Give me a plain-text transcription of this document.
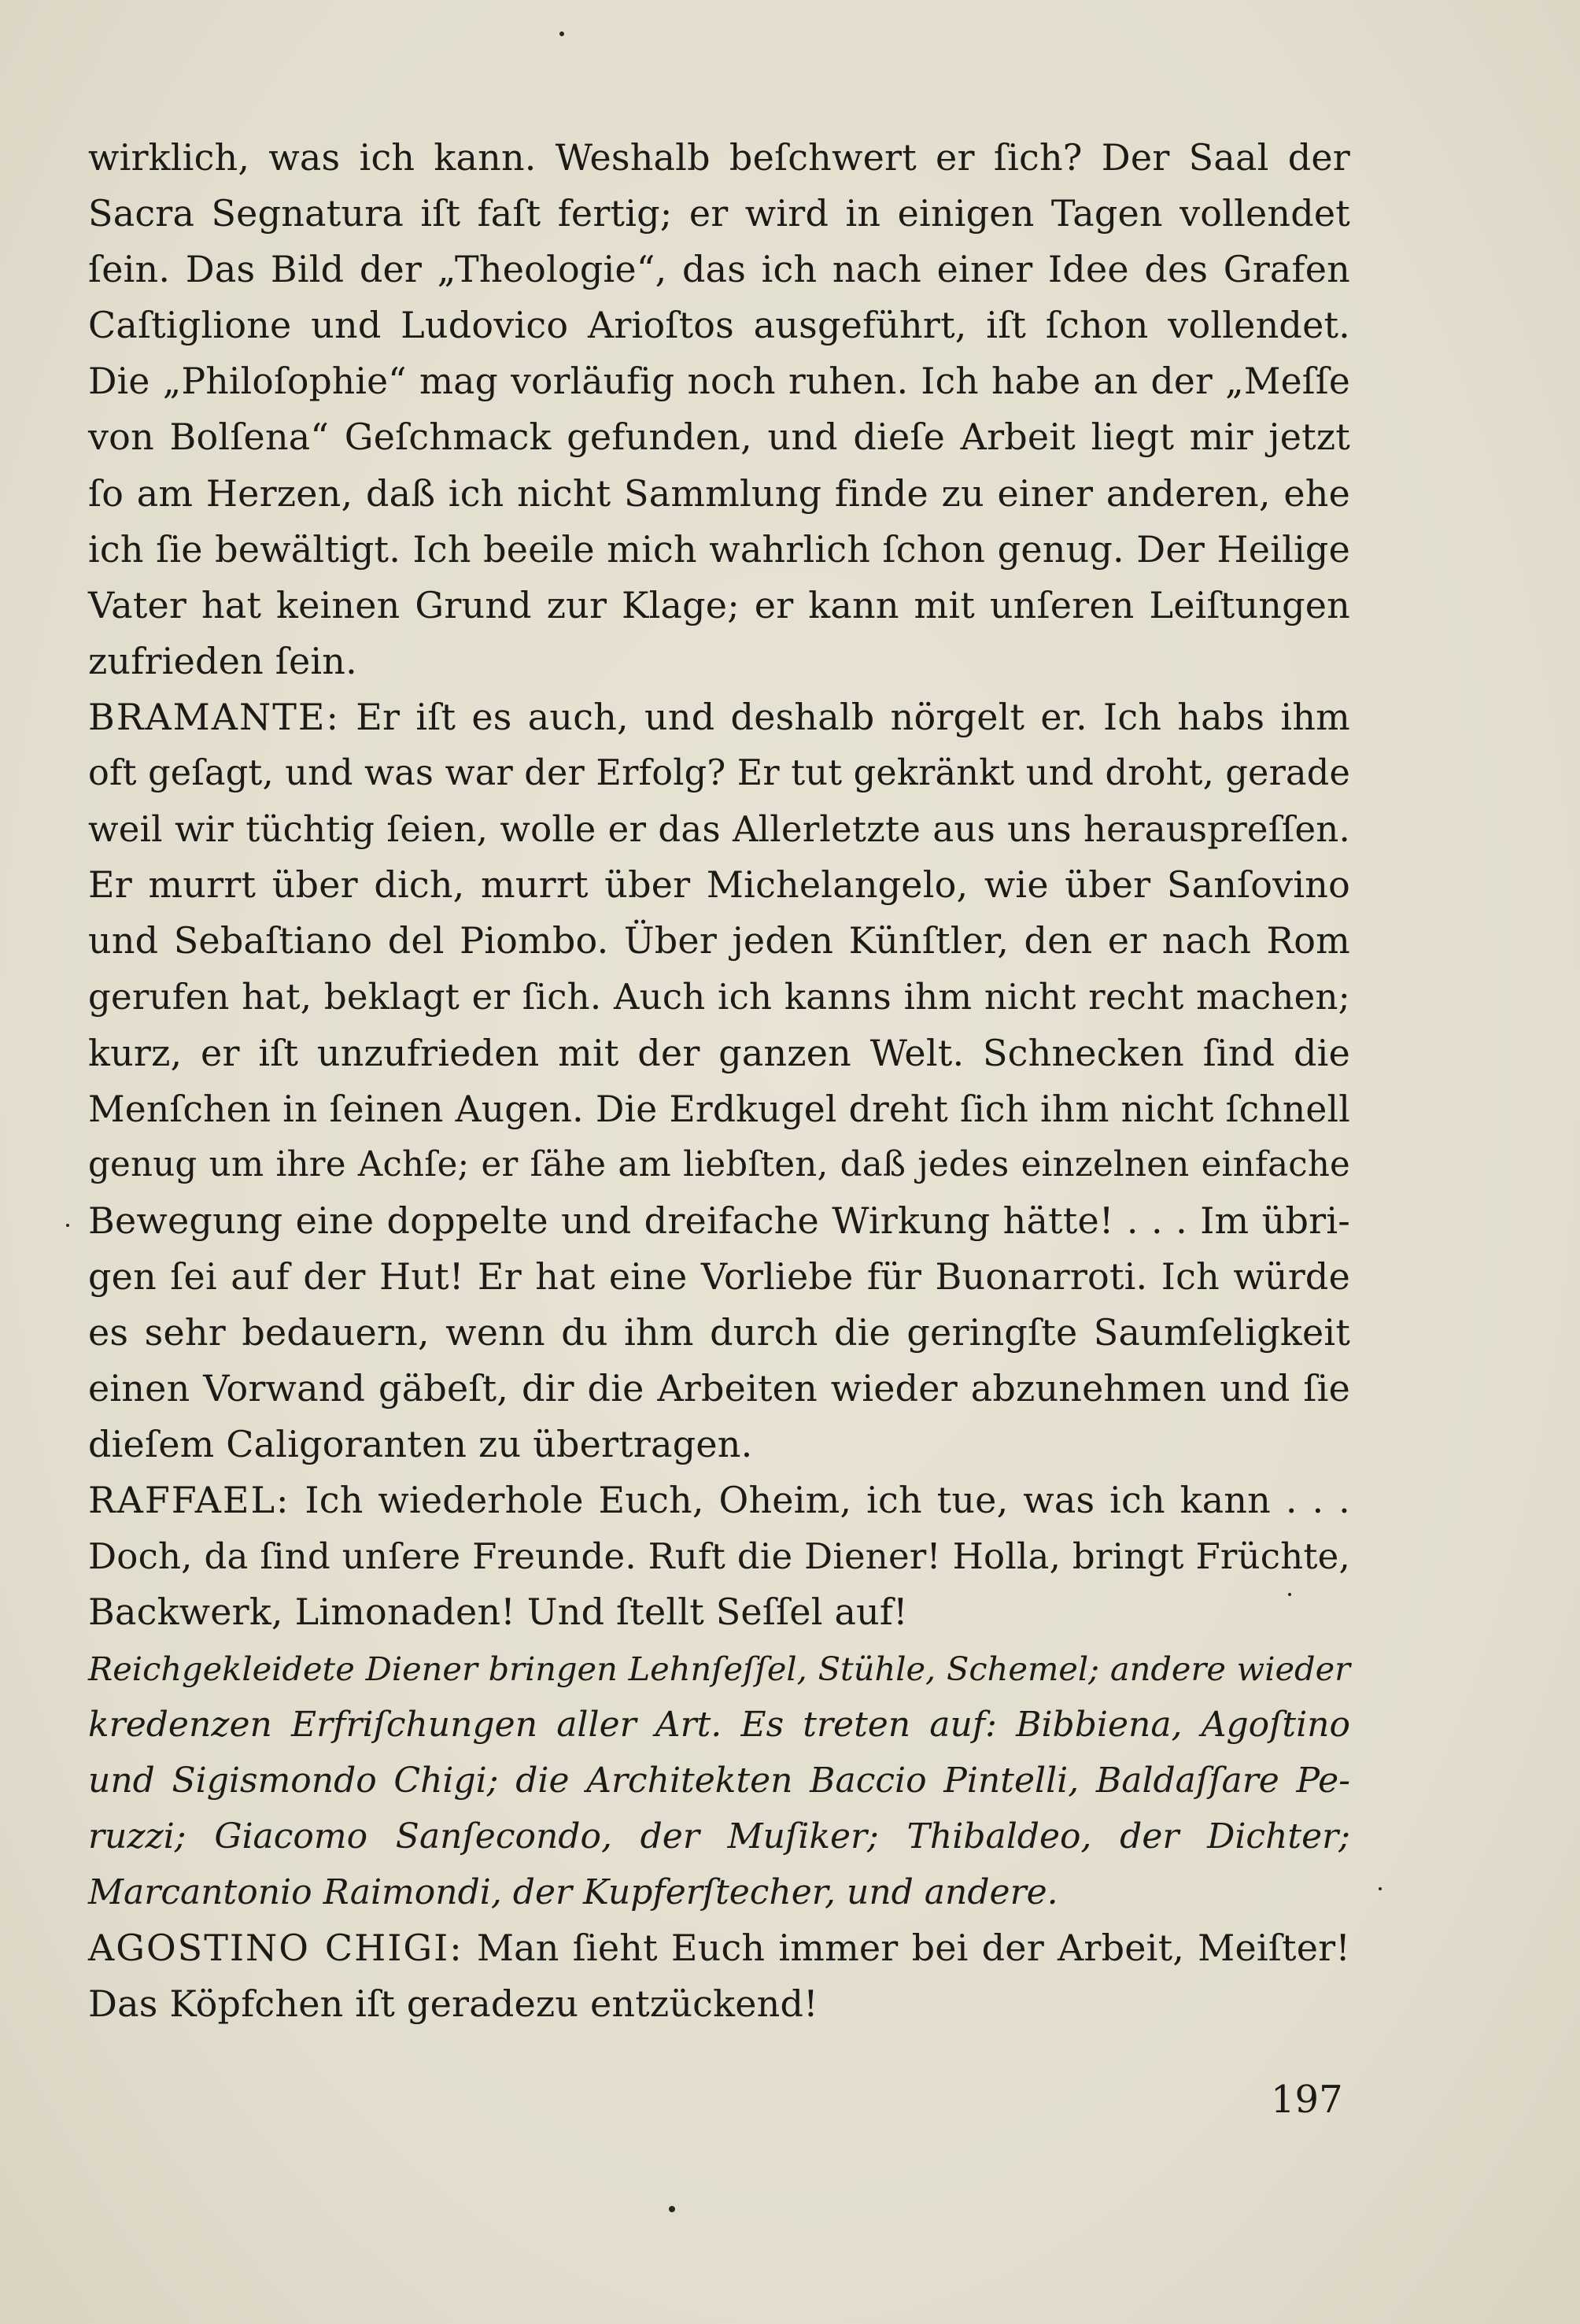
wirklich, was ich kann. Weshalb beſchwert er ſich? Der Saal der
Sacra Segnatura iſt faſt fertig; er wird in einigen Tagen vollendet
ſein. Das Bild der „Theologie“, das ich nach einer Idee des Grafen
Caſtiglione und Ludovico Arioſtos ausgeführt, iſt ſchon vollendet.
Die „Philoſophie“ mag vorläufig noch ruhen. Ich habe an der „Meſſe
von Bolſena“ Geſchmack gefunden, und dieſe Arbeit liegt mir jetzt
ſo am Herzen, daß ich nicht Sammlung finde zu einer anderen, ehe
ich ſie bewältigt. Ich beeile mich wahrlich ſchon genug. Der Heilige
Vater hat keinen Grund zur Klage; er kann mit unſeren Leiſtungen
zufrieden ſein.
BRAMANTE: Er iſt es auch, und deshalb nörgelt er. Ich habs ihm
oft geſagt, und was war der Erfolg? Er tut gekränkt und droht, gerade
weil wir tüchtig ſeien, wolle er das Allerletzte aus uns herauspreſſen.
Er murrt über dich, murrt über Michelangelo, wie über Sanſovino
und Sebaſtiano del Piombo. Über jeden Künſtler, den er nach Rom
gerufen hat, beklagt er ſich. Auch ich kanns ihm nicht recht machen;
kurz, er iſt unzufrieden mit der ganzen Welt. Schnecken ſind die
Menſchen in ſeinen Augen. Die Erdkugel dreht ſich ihm nicht ſchnell
genug um ihre Achſe; er ſähe am liebſten, daß jedes einzelnen einfache
Bewegung eine doppelte und dreifache Wirkung hätte! . . . Im übri-
gen ſei auf der Hut! Er hat eine Vorliebe für Buonarroti. Ich würde
es sehr bedauern, wenn du ihm durch die geringſte Saumſeligkeit
einen Vorwand gäbeſt, dir die Arbeiten wieder abzunehmen und ſie
dieſem Caligoranten zu übertragen.
RAFFAEL: Ich wiederhole Euch, Oheim, ich tue, was ich kann . . .
Doch, da ſind unſere Freunde. Ruft die Diener! Holla, bringt Früchte,
Backwerk, Limonaden! Und ſtellt Seſſel auf!
Reichgekleidete Diener bringen Lehnſeſſel, Stühle, Schemel; andere wieder
kredenzen Erfriſchungen aller Art. Es treten auf: Bibbiena, Agoſtino
und Sigismondo Chigi; die Architekten Baccio Pintelli, Baldaſſare Pe-
ruzzi; Giacomo Sanſecondo, der Muſiker; Thibaldeo, der Dichter;
Marcantonio Raimondi, der Kupferſtecher, und andere.
AGOSTINO CHIGI: Man ſieht Euch immer bei der Arbeit, Meiſter!
Das Köpfchen iſt geradezu entzückend!
197
